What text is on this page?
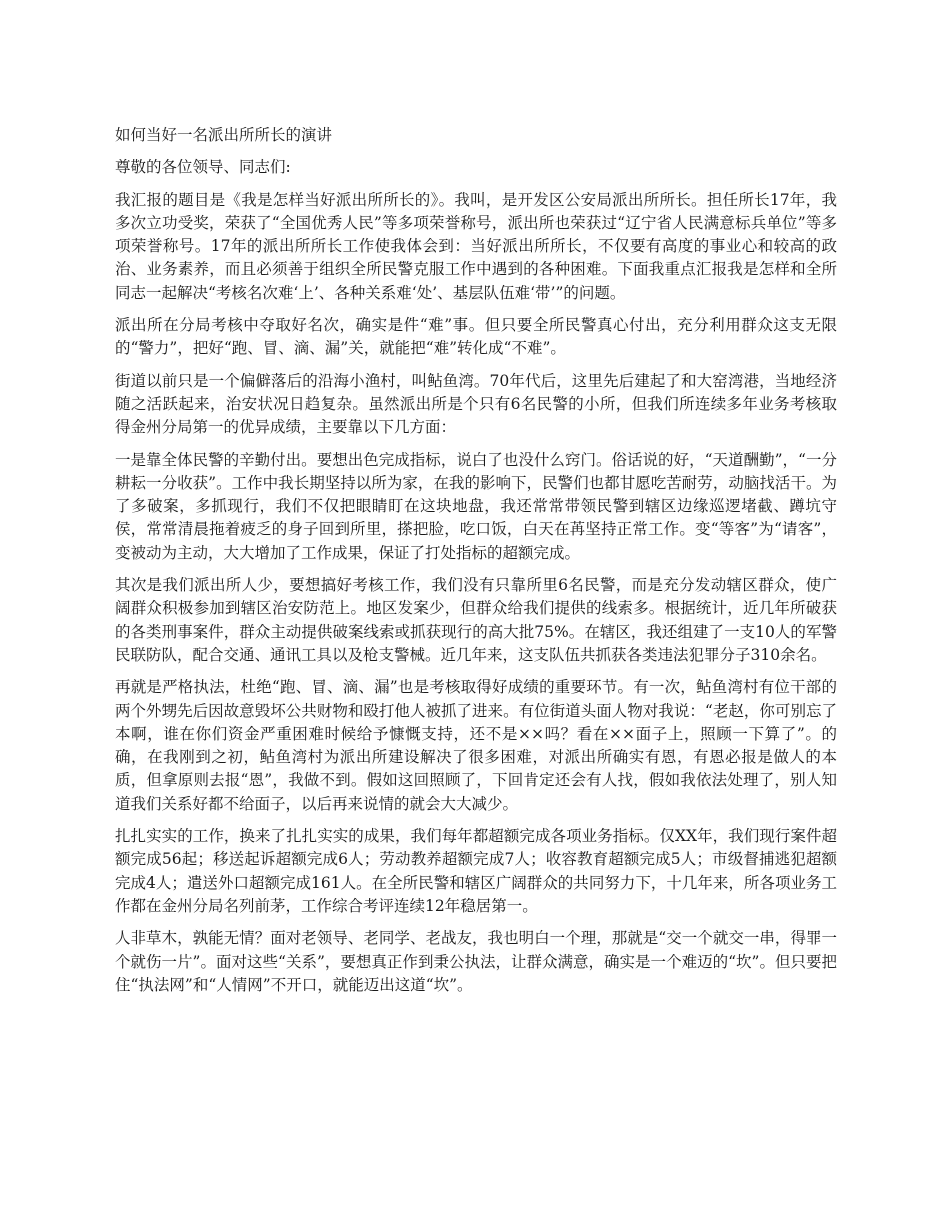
如何当好一名派出所所长的演讲

尊敬的各位领导、同志们:

我汇报的题目是《我是怎样当好派出所所长的》。我叫，是开发区公安局派出所所长。担任所长17年，我多次立功受奖，荣获了“全国优秀人民”等多项荣誉称号，派出所也荣获过“辽宁省人民满意标兵单位”等多项荣誉称号。17年的派出所所长工作使我体会到：当好派出所所长，不仅要有高度的事业心和较高的政治、业务素养，而且必须善于组织全所民警克服工作中遇到的各种困难。下面我重点汇报我是怎样和全所同志一起解决“考核名次难‘上’、各种关系难‘处’、基层队伍难‘带’”的问题。

派出所在分局考核中夺取好名次，确实是件“难”事。但只要全所民警真心付出，充分利用群众这支无限的“警力”，把好“跑、冒、滴、漏”关，就能把“难”转化成“不难”。

街道以前只是一个偏僻落后的沿海小渔村，叫鲇鱼湾。70年代后，这里先后建起了和大窑湾港，当地经济随之活跃起来，治安状况日趋复杂。虽然派出所是个只有6名民警的小所，但我们所连续多年业务考核取得金州分局第一的优异成绩，主要靠以下几方面：

一是靠全体民警的辛勤付出。要想出色完成指标，说白了也没什么窍门。俗话说的好，“天道酬勤”，“一分耕耘一分收获”。工作中我长期坚持以所为家，在我的影响下，民警们也都甘愿吃苦耐劳，动脑找活干。为了多破案，多抓现行，我们不仅把眼睛盯在这块地盘，我还常常带领民警到辖区边缘巡逻堵截、蹲坑守侯，常常清晨拖着疲乏的身子回到所里，搽把脸，吃口饭，白天在苒坚持正常工作。变“等客”为“请客”，变被动为主动，大大增加了工作成果，保证了打处指标的超额完成。

其次是我们派出所人少，要想搞好考核工作，我们没有只靠所里6名民警，而是充分发动辖区群众，使广阔群众积极参加到辖区治安防范上。地区发案少，但群众给我们提供的线索多。根据统计，近几年所破获的各类刑事案件，群众主动提供破案线索或抓获现行的高大批75%。在辖区，我还组建了一支10人的军警民联防队，配合交通、通讯工具以及枪支警械。近几年来，这支队伍共抓获各类违法犯罪分子310余名。

再就是严格执法，杜绝“跑、冒、滴、漏”也是考核取得好成绩的重要环节。有一次，鲇鱼湾村有位干部的两个外甥先后因故意毁坏公共财物和殴打他人被抓了进来。有位街道头面人物对我说：“老赵，你可别忘了本啊，谁在你们资金严重困难时候给予慷慨支持，还不是××吗？看在××面子上，照顾一下算了”。的确，在我刚到之初，鲇鱼湾村为派出所建设解决了很多困难，对派出所确实有恩，有恩必报是做人的本质，但拿原则去报“恩”，我做不到。假如这回照顾了，下回肯定还会有人找，假如我依法处理了，别人知道我们关系好都不给面子，以后再来说情的就会大大减少。

扎扎实实的工作，换来了扎扎实实的成果，我们每年都超额完成各项业务指标。仅XX年，我们现行案件超额完成56起；移送起诉超额完成6人；劳动教养超额完成7人；收容教育超额完成5人；市级督捕逃犯超额完成4人；遣送外口超额完成161人。在全所民警和辖区广阔群众的共同努力下，十几年来，所各项业务工作都在金州分局名列前茅，工作综合考评连续12年稳居第一。

人非草木，孰能无情？面对老领导、老同学、老战友，我也明白一个理，那就是“交一个就交一串，得罪一个就伤一片”。面对这些“关系”，要想真正作到秉公执法，让群众满意，确实是一个难迈的“坎”。但只要把住“执法网”和“人情网”不开口，就能迈出这道“坎”。
